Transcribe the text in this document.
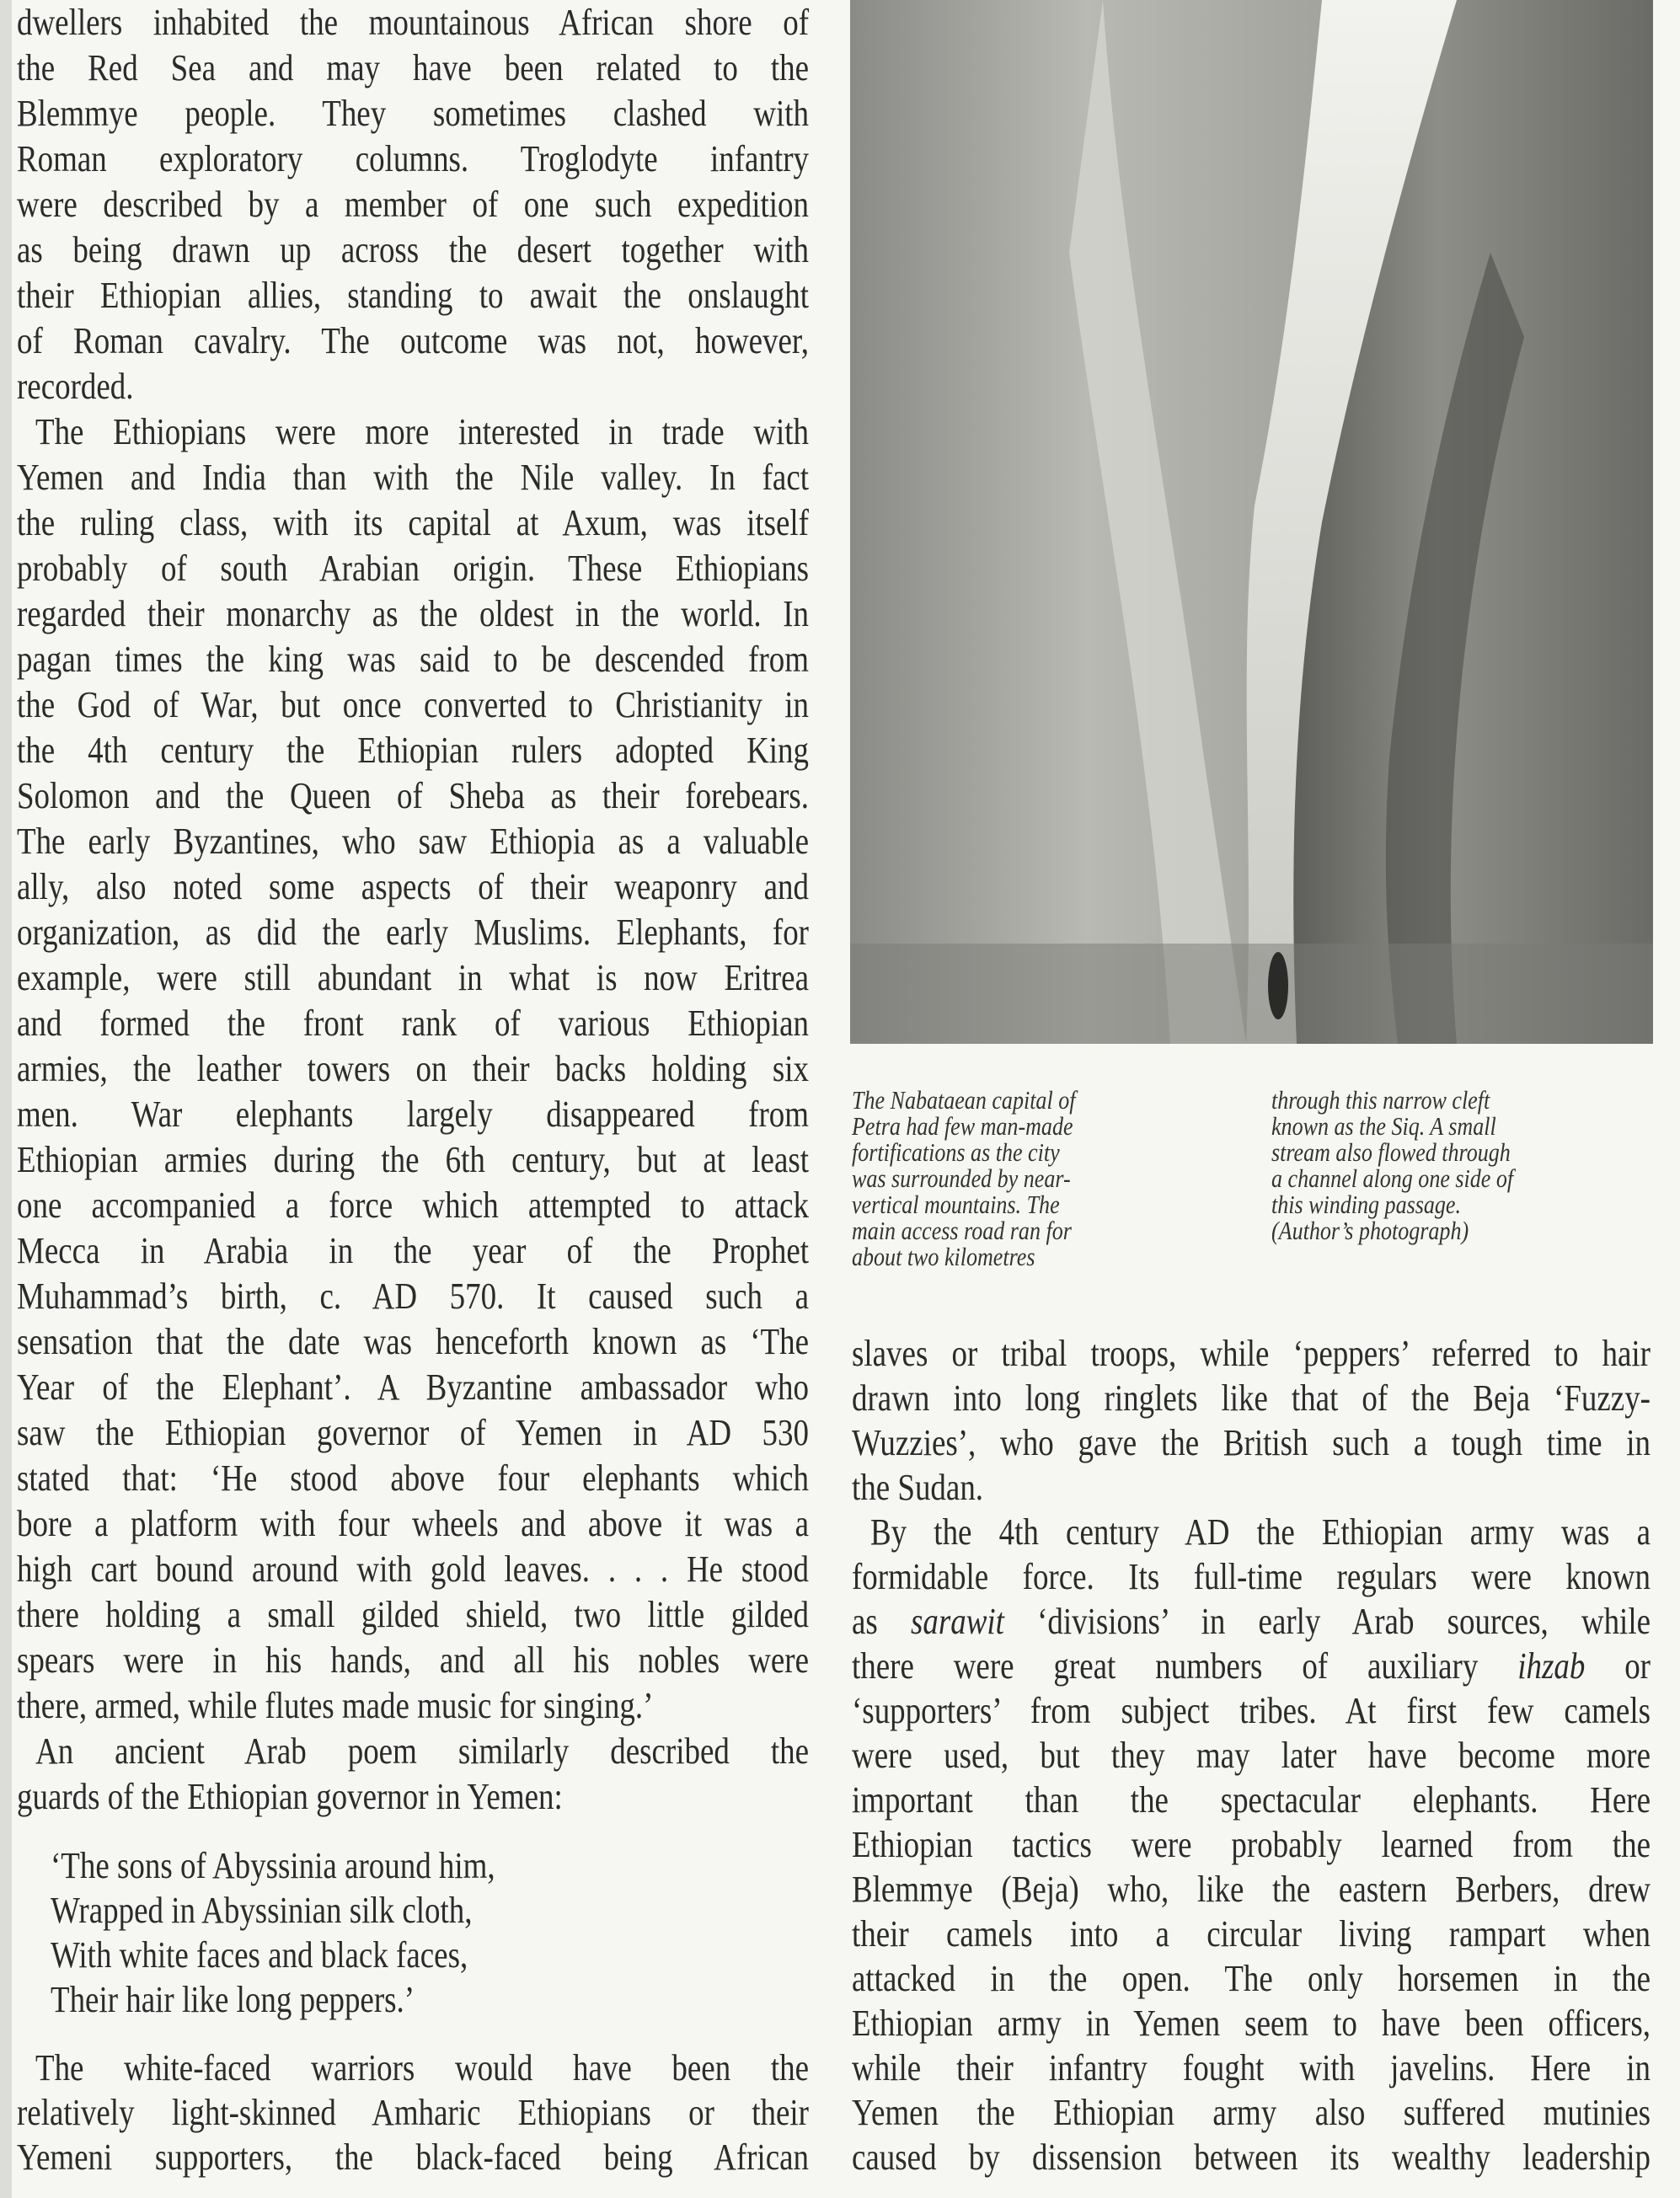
dwellers inhabited the mountainous African shore of
the Red Sea and may have been related to the
Blemmye people. They sometimes clashed with
Roman exploratory columns. Troglodyte infantry
were described by a member of one such expedition
as being drawn up across the desert together with
their Ethiopian allies, standing to await the onslaught
of Roman cavalry. The outcome was not, however,
recorded.
The Ethiopians were more interested in trade with
Yemen and India than with the Nile valley. In fact
the ruling class, with its capital at Axum, was itself
probably of south Arabian origin. These Ethiopians
regarded their monarchy as the oldest in the world. In
pagan times the king was said to be descended from
the God of War, but once converted to Christianity in
the 4th century the Ethiopian rulers adopted King
Solomon and the Queen of Sheba as their forebears.
The early Byzantines, who saw Ethiopia as a valuable
ally, also noted some aspects of their weaponry and
organization, as did the early Muslims. Elephants, for
example, were still abundant in what is now Eritrea
and formed the front rank of various Ethiopian
armies, the leather towers on their backs holding six
men. War elephants largely disappeared from
Ethiopian armies during the 6th century, but at least
one accompanied a force which attempted to attack
Mecca in Arabia in the year of the Prophet
Muhammad’s birth, c. AD 570. It caused such a
sensation that the date was henceforth known as ‘The
Year of the Elephant’. A Byzantine ambassador who
saw the Ethiopian governor of Yemen in AD 530
stated that: ‘He stood above four elephants which
bore a platform with four wheels and above it was a
high cart bound around with gold leaves. . . . He stood
there holding a small gilded shield, two little gilded
spears were in his hands, and all his nobles were
there, armed, while flutes made music for singing.’
An ancient Arab poem similarly described the
guards of the Ethiopian governor in Yemen:
‘The sons of Abyssinia around him,
Wrapped in Abyssinian silk cloth,
With white faces and black faces,
Their hair like long peppers.’
The white-faced warriors would have been the
relatively light-skinned Amharic Ethiopians or their
Yemeni supporters, the black-faced being African
The Nabataean capital of
Petra had few man-made
fortifications as the city
was surrounded by near-
vertical mountains. The
main access road ran for
about two kilometres
through this narrow cleft
known as the Siq. A small
stream also flowed through
a channel along one side of
this winding passage.
(Author’s photograph)
slaves or tribal troops, while ‘peppers’ referred to hair
drawn into long ringlets like that of the Beja ‘Fuzzy-
Wuzzies’, who gave the British such a tough time in
the Sudan.
By the 4th century AD the Ethiopian army was a
formidable force. Its full-time regulars were known
as sarawit ‘divisions’ in early Arab sources, while
there were great numbers of auxiliary ihzab or
‘supporters’ from subject tribes. At first few camels
were used, but they may later have become more
important than the spectacular elephants. Here
Ethiopian tactics were probably learned from the
Blemmye (Beja) who, like the eastern Berbers, drew
their camels into a circular living rampart when
attacked in the open. The only horsemen in the
Ethiopian army in Yemen seem to have been officers,
while their infantry fought with javelins. Here in
Yemen the Ethiopian army also suffered mutinies
caused by dissension between its wealthy leadership
